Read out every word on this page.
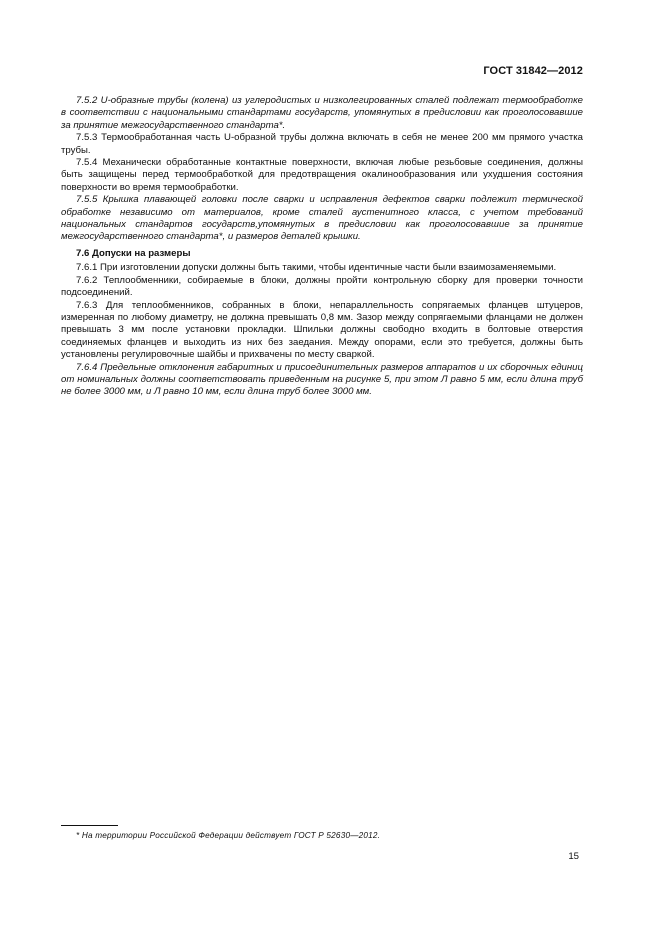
ГОСТ 31842—2012

7.5.2 U-образные трубы (колена) из углеродистых и низколегированных сталей подлежат термообработке в соответствии с национальными стандартами государств, упомянутых в предисловии как проголосовавшие за принятие межгосударственного стандарта*.

7.5.3 Термообработанная часть U-образной трубы должна включать в себя не менее 200 мм прямого участка трубы.

7.5.4 Механически обработанные контактные поверхности, включая любые резьбовые соединения, должны быть защищены перед термообработкой для предотвращения окалинообразования или ухудшения состояния поверхности во время термообработки.

7.5.5 Крышка плавающей головки после сварки и исправления дефектов сварки подлежит термической обработке независимо от материалов, кроме сталей аустенитного класса, с учетом требований национальных стандартов государств,упомянутых в предисловии как проголосовавшие за принятие межгосударственного стандарта*, и размеров деталей крышки.

7.6 Допуски на размеры

7.6.1 При изготовлении допуски должны быть такими, чтобы идентичные части были взаимозаменяемыми.

7.6.2 Теплообменники, собираемые в блоки, должны пройти контрольную сборку для проверки точности подсоединений.

7.6.3 Для теплообменников, собранных в блоки, непараллельность сопрягаемых фланцев штуцеров, измеренная по любому диаметру, не должна превышать 0,8 мм. Зазор между сопрягаемыми фланцами не должен превышать 3 мм после установки прокладки. Шпильки должны свободно входить в болтовые отверстия соединяемых фланцев и выходить из них без заедания. Между опорами, если это требуется, должны быть установлены регулировочные шайбы и прихвачены по месту сваркой.

7.6.4 Предельные отклонения габаритных и присоединительных размеров аппаратов и их сборочных единиц от номинальных должны соответствовать приведенным на рисунке 5, при этом Л равно 5 мм, если длина труб не более 3000 мм, и Л равно 10 мм, если длина труб более 3000 мм.

* На территории Российской Федерации действует ГОСТ Р 52630—2012.
15
